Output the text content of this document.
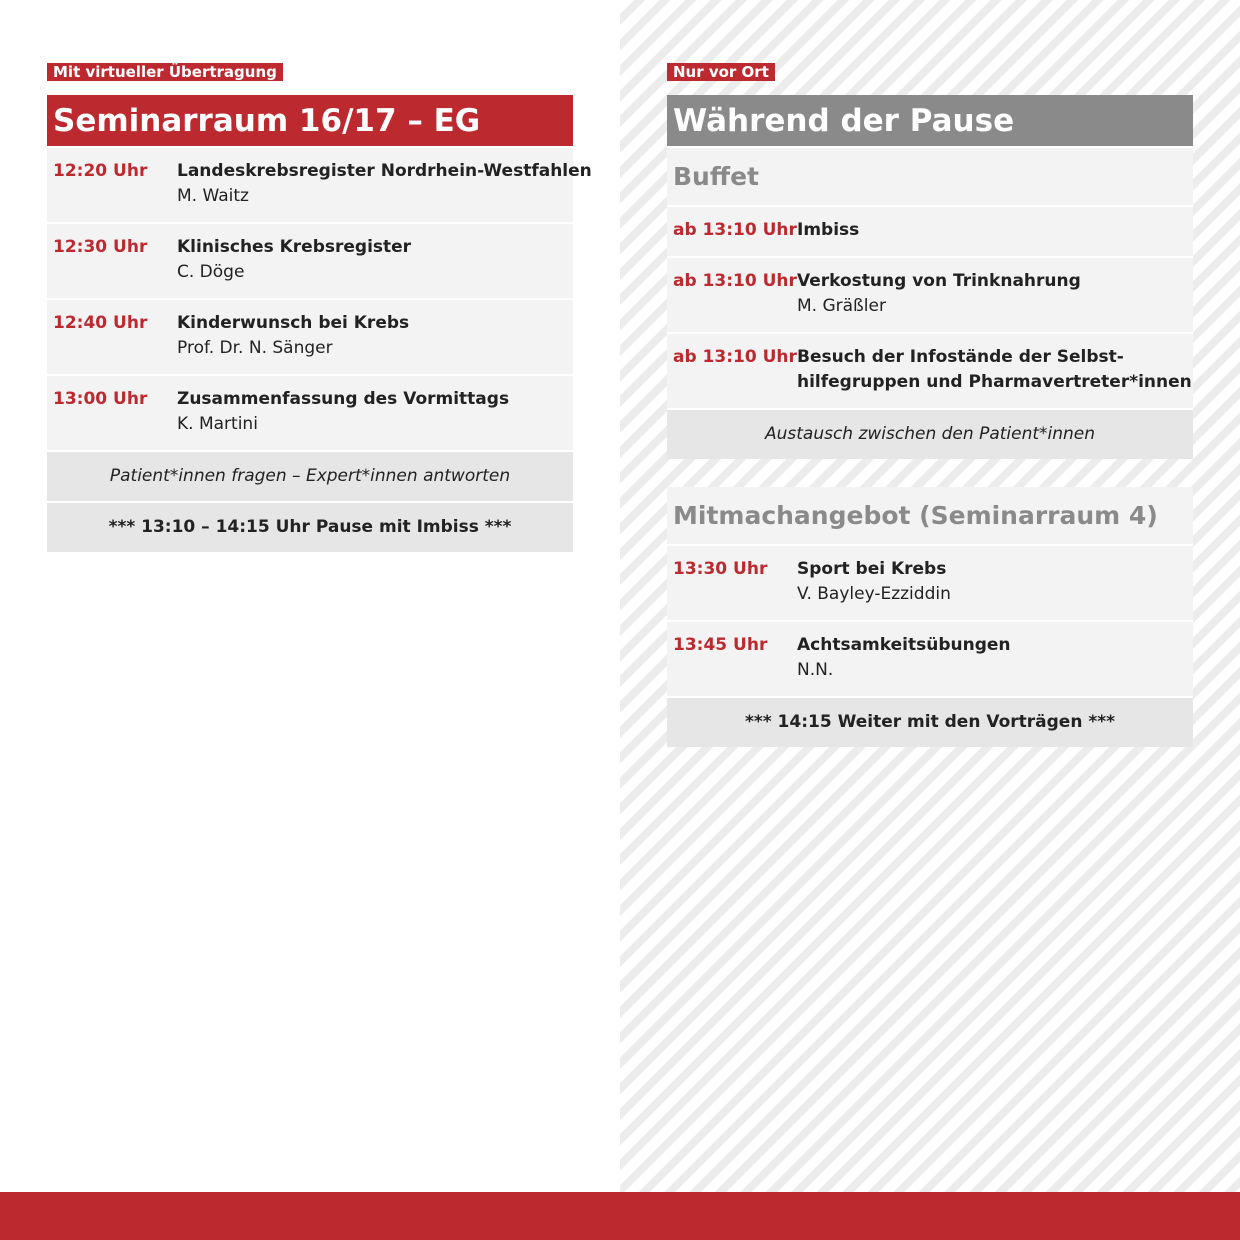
Mit virtueller Übertragung
Seminarraum 16/17 – EG
12:20 Uhr Landeskrebsregister Nordrhein-Westfahlen
M. Waitz
12:30 Uhr Klinisches Krebsregister
C. Döge
12:40 Uhr Kinderwunsch bei Krebs
Prof. Dr. N. Sänger
13:00 Uhr Zusammenfassung des Vormittags
K. Martini
Patient*innen fragen – Expert*innen antworten
*** 13:10 – 14:15 Uhr Pause mit Imbiss ***
Nur vor Ort
Während der Pause
Buffet
ab 13:10 Uhr Imbiss
ab 13:10 Uhr Verkostung von Trinknahrung
M. Gräßler
ab 13:10 Uhr Besuch der Infostände der Selbst-
hilfegruppen und Pharmavertreter*innen
Austausch zwischen den Patient*innen
Mitmachangebot (Seminarraum 4)
13:30 Uhr Sport bei Krebs
V. Bayley-Ezziddin
13:45 Uhr Achtsamkeitsübungen
N.N.
*** 14:15 Weiter mit den Vorträgen ***
